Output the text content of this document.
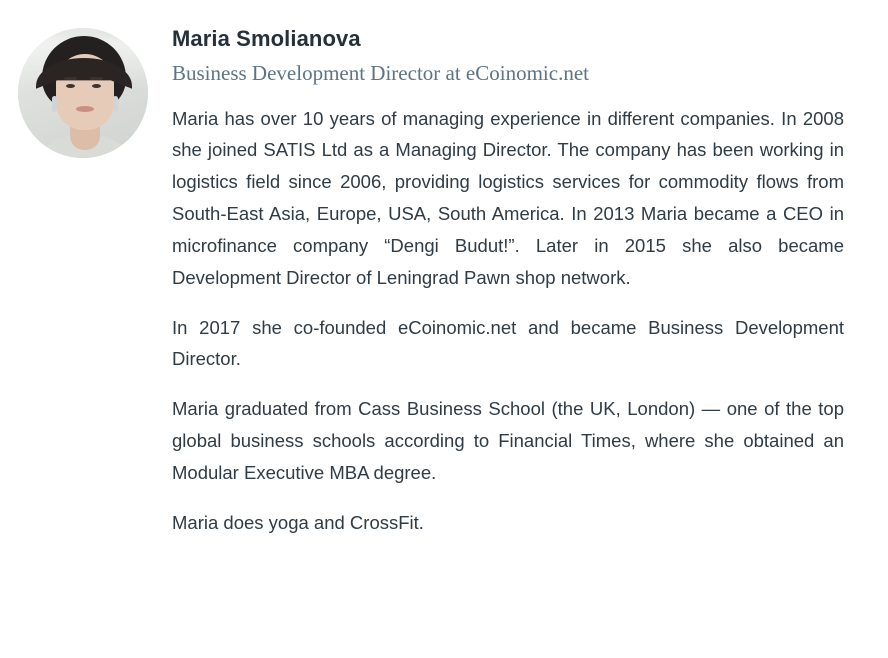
Maria Smolianova
Business Development Director at eCoinomic.net

Maria has over 10 years of managing experience in different companies. In 2008 she joined SATIS Ltd as a Managing Director. The company has been working in logistics field since 2006, providing logistics services for commodity flows from South-East Asia, Europe, USA, South America. In 2013 Maria became a CEO in microfinance company “Dengi Budut!”. Later in 2015 she also became Development Director of Leningrad Pawn shop network.

In 2017 she co-founded eCoinomic.net and became Business Development Director.

Maria graduated from Cass Business School (the UK, London) — one of the top global business schools according to Financial Times, where she obtained an Modular Executive MBA degree.

Maria does yoga and CrossFit.
